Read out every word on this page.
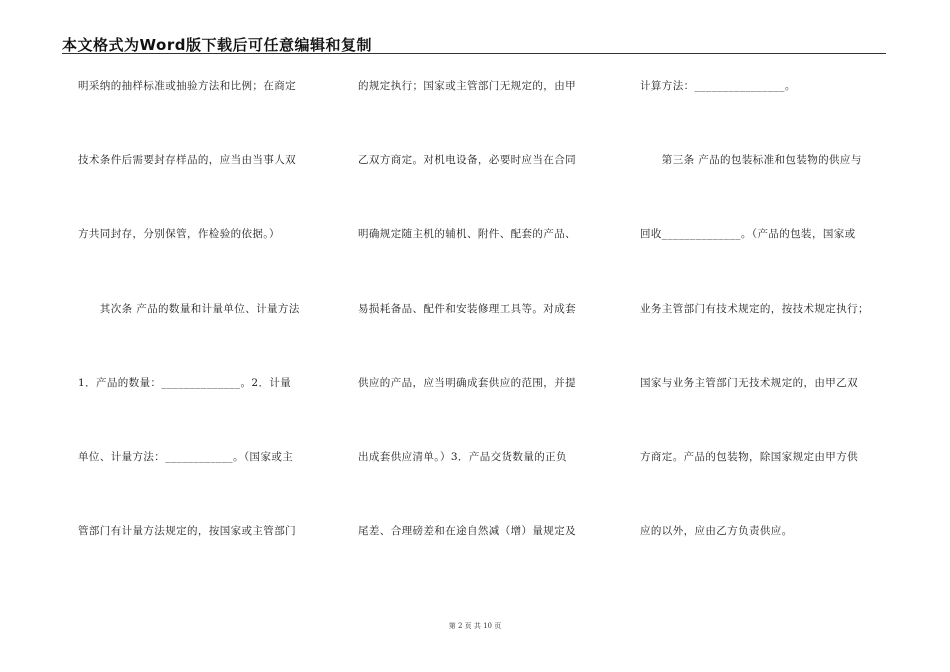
本文格式为Word版下载后可任意编辑和复制
明采纳的抽样标准或抽验方法和比例；在商定
技术条件后需要封存样品的，应当由当事人双
方共同封存，分别保管，作检验的依据。）
　　其次条 产品的数量和计量单位、计量方法
1．产品的数量：______________。2．计量
单位、计量方法：____________。（国家或主
管部门有计量方法规定的，按国家或主管部门
的规定执行；国家或主管部门无规定的，由甲
乙双方商定。对机电设备，必要时应当在合同
明确规定随主机的辅机、附件、配套的产品、
易损耗备品、配件和安装修理工具等。对成套
供应的产品，应当明确成套供应的范围，并提
出成套供应清单。）3．产品交货数量的正负
尾差、合理磅差和在途自然减（增）量规定及
计算方法：________________。
　　第三条 产品的包装标准和包装物的供应与
回收______________。（产品的包装，国家或
业务主管部门有技术规定的，按技术规定执行；
国家与业务主管部门无技术规定的，由甲乙双
方商定。产品的包装物，除国家规定由甲方供
应的以外，应由乙方负责供应。
第 2 页 共 10 页
